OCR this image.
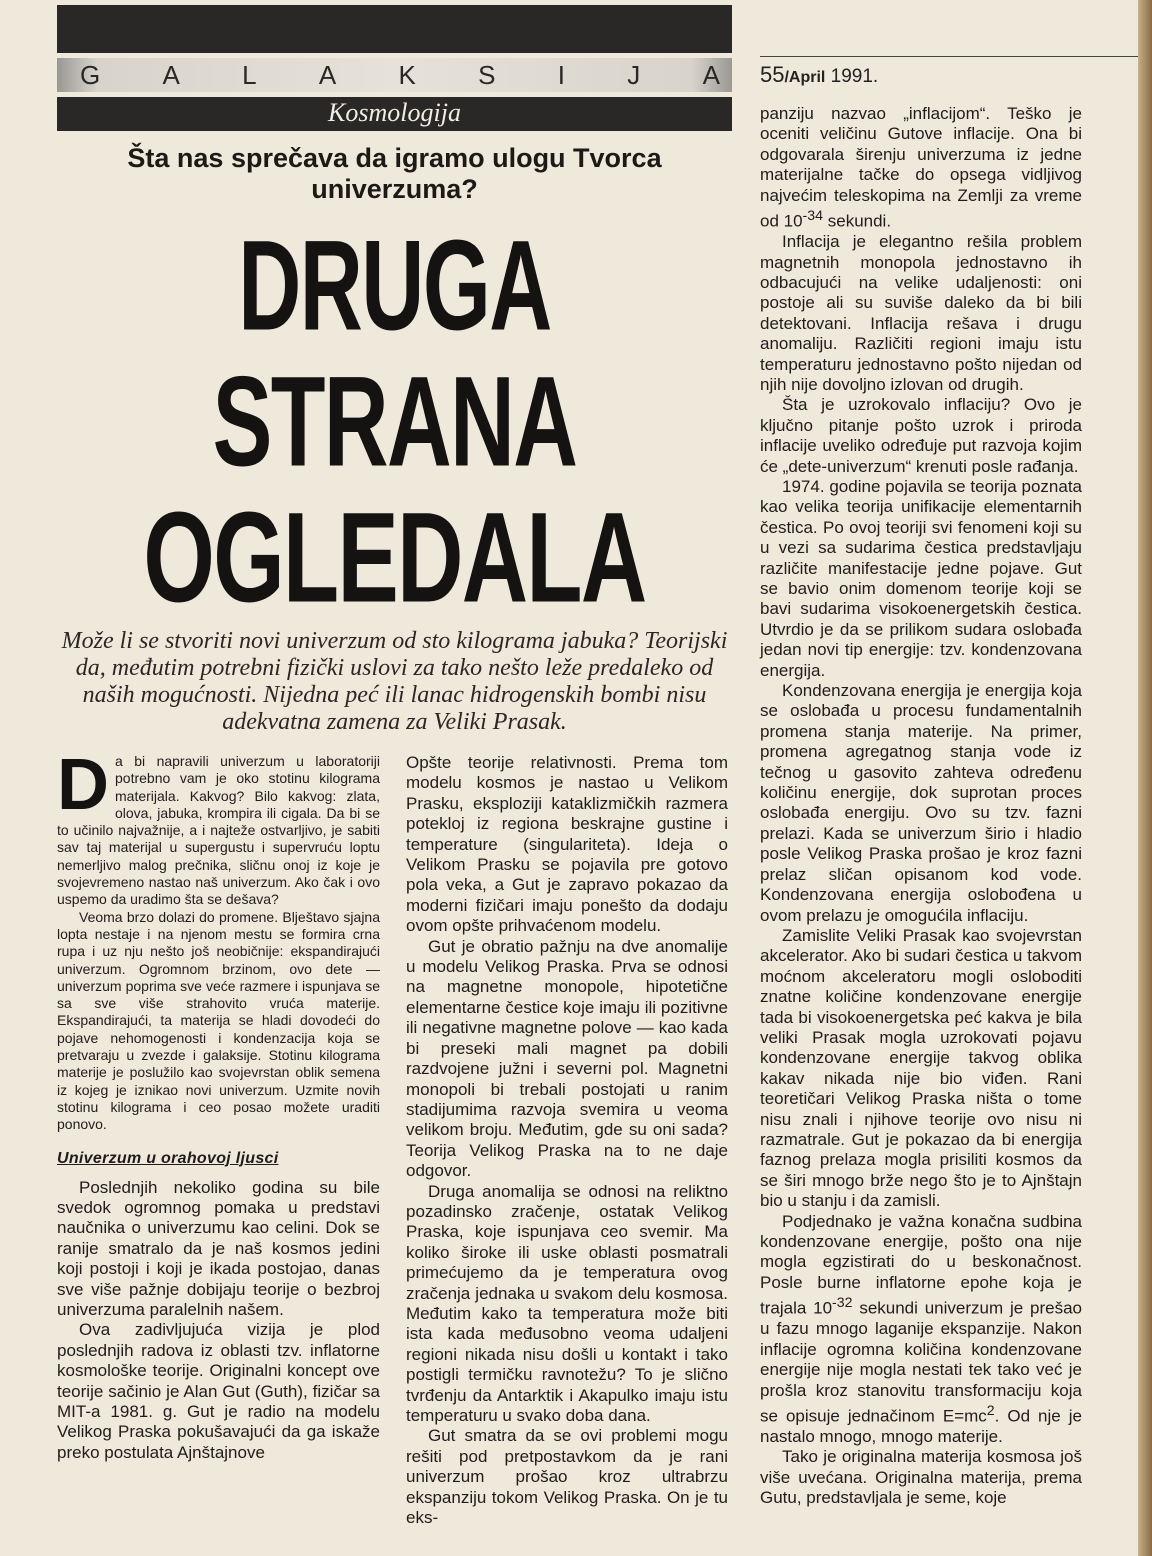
G A L A K S I J A 55/April 1991.
Kosmologija
Šta nas sprečava da igramo ulogu Tvorca univerzuma?
DRUGA
STRANA
OGLEDALA
Može li se stvoriti novi univerzum od sto kilograma jabuka? Teorijski da, međutim potrebni fizički uslovi za tako nešto leže predaleko od naših mogućnosti. Nijedna peć ili lanac hidrogenskih bombi nisu adekvatna zamena za Veliki Prasak.

Da bi napravili univerzum u laboratoriji potrebno vam je oko stotinu kilograma materijala. Kakvog? Bilo kakvog: zlata, olova, jabuka, krompira ili cigala. Da bi se to učinilo najvažnije, a i najteže ostvarljivo, je sabiti sav taj materijal u supergustu i supervruću loptu nemerljivo malog prečnika, sličnu onoj iz koje je svojevremeno nastao naš univerzum. Ako čak i ovo uspemo da uradimo šta se dešava?

Veoma brzo dolazi do promene. Blještavo sjajna lopta nestaje i na njenom mestu se formira crna rupa i uz nju nešto još neobičnije: ekspandirajući univerzum. Ogromnom brzinom, ovo dete — univerzum poprima sve veće razmere i ispunjava se sa sve više strahovito vruća materije. Ekspandirajući, ta materija se hladi dovodeći do pojave nehomogenosti i kondenzacija koja se pretvaraju u zvezde i galaksije. Stotinu kilograma materije je poslužilo kao svojevrstan oblik semena iz kojeg je iznikao novi univerzum. Uzmite novih stotinu kilograma i ceo posao možete uraditi ponovo.

Univerzum u orahovoj ljusci

Poslednjih nekoliko godina su bile svedok ogromnog pomaka u predstavi naučnika o univerzumu kao celini. Dok se ranije smatralo da je naš kosmos jedini koji postoji i koji je ikada postojao, danas sve više pažnje dobijaju teorije o bezbroj univerzuma paralelnih našem.

Ova zadivljujuća vizija je plod poslednjih radova iz oblasti tzv. inflatorne kosmološke teorije. Originalni koncept ove teorije sačinio je Alan Gut (Guth), fizičar sa MIT-a 1981. g. Gut je radio na modelu Velikog Praska pokušavajući da ga iskaže preko postulata Ajnštajnove

Opšte teorije relativnosti. Prema tom modelu kosmos je nastao u Velikom Prasku, eksploziji kataklizmičkih razmera potekloj iz regiona beskrajne gustine i temperature (singulariteta). Ideja o Velikom Prasku se pojavila pre gotovo pola veka, a Gut je zapravo pokazao da moderni fizičari imaju ponešto da dodaju ovom opšte prihvaćenom modelu.

Gut je obratio pažnju na dve anomalije u modelu Velikog Praska. Prva se odnosi na magnetne monopole, hipotetične elementarne čestice koje imaju ili pozitivne ili negativne magnetne polove — kao kada bi preseki mali magnet pa dobili razdvojene južni i severni pol. Magnetni monopoli bi trebali postojati u ranim stadijumima razvoja svemira u veoma velikom broju. Međutim, gde su oni sada? Teorija Velikog Praska na to ne daje odgovor.

Druga anomalija se odnosi na reliktno pozadinsko zračenje, ostatak Velikog Praska, koje ispunjava ceo svemir. Ma koliko široke ili uske oblasti posmatrali primećujemo da je temperatura ovog zračenja jednaka u svakom delu kosmosa. Međutim kako ta temperatura može biti ista kada međusobno veoma udaljeni regioni nikada nisu došli u kontakt i tako postigli termičku ravnotežu? To je slično tvrđenju da Antarktik i Akapulko imaju istu temperaturu u svako doba dana.

Gut smatra da se ovi problemi mogu rešiti pod pretpostavkom da je rani univerzum prošao kroz ultrabrzu ekspanziju tokom Velikog Praska. On je tu eks-

panziju nazvao „inflacijom“. Teško je oceniti veličinu Gutove inflacije. Ona bi odgovarala širenju univerzuma iz jedne materijalne tačke do opsega vidljivog najvećim teleskopima na Zemlji za vreme od $10^{-34}$ sekundi.

Inflacija je elegantno rešila problem magnetnih monopola jednostavno ih odbacujući na velike udaljenosti: oni postoje ali su suviše daleko da bi bili detektovani. Inflacija rešava i drugu anomaliju. Različiti regioni imaju istu temperaturu jednostavno pošto nijedan od njih nije dovoljno izlovan od drugih.

Šta je uzrokovalo inflaciju? Ovo je ključno pitanje pošto uzrok i priroda inflacije uveliko određuje put razvoja kojim će „dete-univerzum“ krenuti posle rađanja.

1974. godine pojavila se teorija poznata kao velika teorija unifikacije elementarnih čestica. Po ovoj teoriji svi fenomeni koji su u vezi sa sudarima čestica predstavljaju različite manifestacije jedne pojave. Gut se bavio onim domenom teorije koji se bavi sudarima visokoenergetskih čestica. Utvrdio je da se prilikom sudara oslobađa jedan novi tip energije: tzv. kondenzovana energija.

Kondenzovana energija je energija koja se oslobađa u procesu fundamentalnih promena stanja materije. Na primer, promena agregatnog stanja vode iz tečnog u gasovito zahteva određenu količinu energije, dok suprotan proces oslobađa energiju. Ovo su tzv. fazni prelazi. Kada se univerzum širio i hladio posle Velikog Praska prošao je kroz fazni prelaz sličan opisanom kod vode. Kondenzovana energija oslobođena u ovom prelazu je omogućila inflaciju.

Zamislite Veliki Prasak kao svojevrstan akcelerator. Ako bi sudari čestica u takvom moćnom akceleratoru mogli osloboditi znatne količine kondenzovane energije tada bi visokoenergetska peć kakva je bila veliki Prasak mogla uzrokovati pojavu kondenzovane energije takvog oblika kakav nikada nije bio viđen. Rani teoretičari Velikog Praska ništa o tome nisu znali i njihove teorije ovo nisu ni razmatrale. Gut je pokazao da bi energija faznog prelaza mogla prisiliti kosmos da se širi mnogo brže nego što je to Ajnštajn bio u stanju i da zamisli.

Podjednako je važna konačna sudbina kondenzovane energije, pošto ona nije mogla egzistirati do u beskonačnost. Posle burne inflatorne epohe koja je trajala $10^{-32}$ sekundi univerzum je prešao u fazu mnogo laganije ekspanzije. Nakon inflacije ogromna količina kondenzovane energije nije mogla nestati tek tako već je prošla kroz stanovitu transformaciju koja se opisuje jednačinom $E=mc^2$. Od nje je nastalo mnogo, mnogo materije.

Tako je originalna materija kosmosa još više uvećana. Originalna materija, prema Gutu, predstavljala je seme, koje
